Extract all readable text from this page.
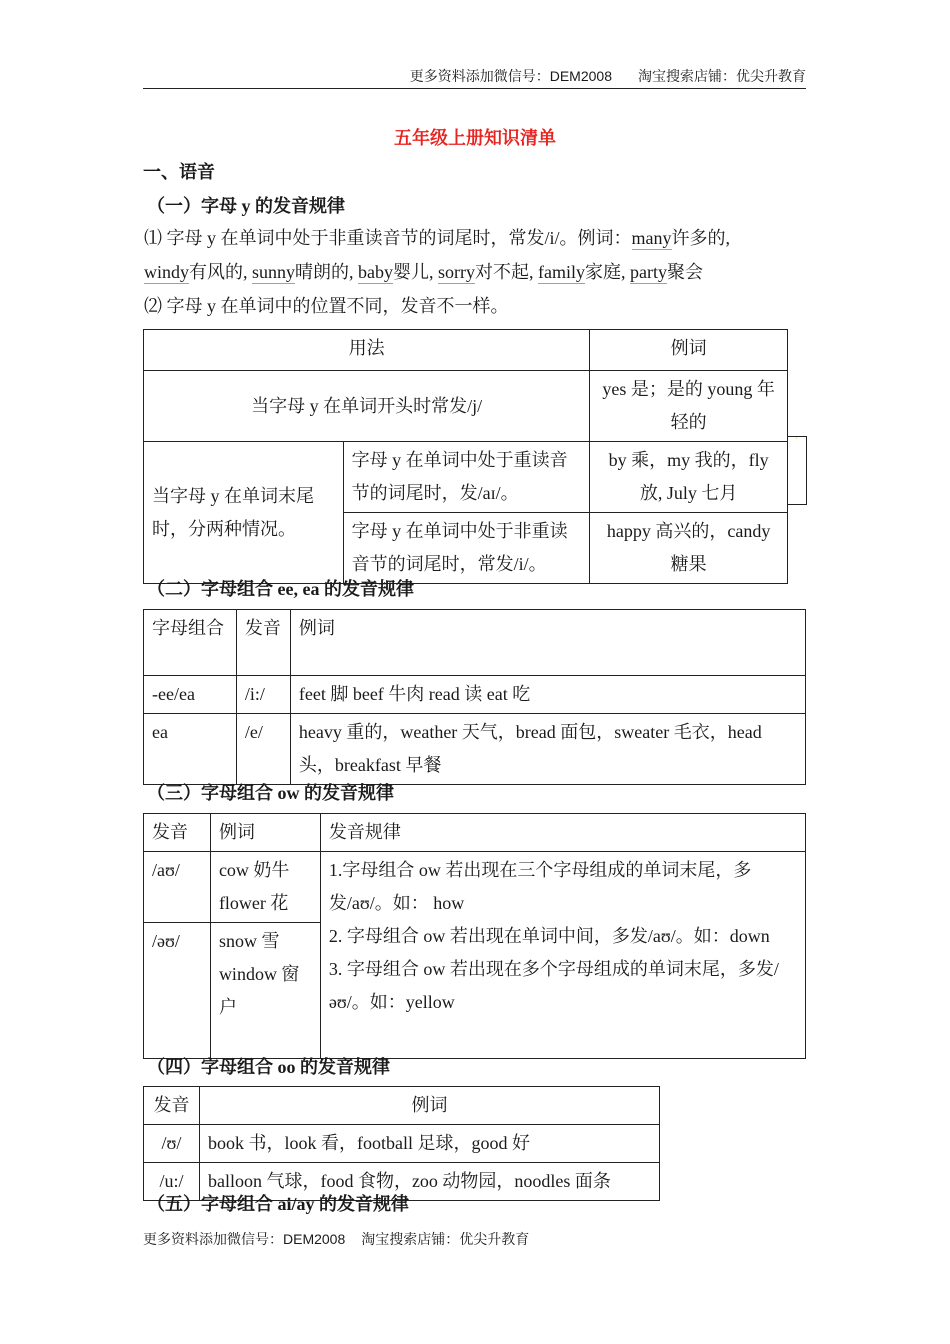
更多资料添加微信号：DEM2008 淘宝搜索店铺：优尖升教育
五年级上册知识清单
一、语音
（一）字母 y 的发音规律
⑴ 字母 y 在单词中处于非重读音节的词尾时，常发/i/。例词：many许多的,
windy有风的, sunny晴朗的, baby婴儿, sorry对不起, family家庭, party聚会
⑵ 字母 y 在单词中的位置不同，发音不一样。
用法		例词
当字母 y 在单词开头时常发/j/		yes 是；是的 young 年轻的
当字母 y 在单词末尾时，分两种情况。	字母 y 在单词中处于重读音节的词尾时，发/aɪ/。	by 乘，my 我的，fly 放, July 七月
	字母 y 在单词中处于非重读音节的词尾时，常发/i/。	happy 高兴的，candy 糖果
·
（二）字母组合 ee, ea 的发音规律
字母组合	发音	例词
-ee/ea	/i:/	feet 脚 beef 牛肉 read 读 eat 吃
ea	/e/	heavy 重的，weather 天气，bread 面包，sweater 毛衣，head 头，breakfast 早餐
（三）字母组合 ow 的发音规律
发音	例词	发音规律
/aʊ/	cow 奶牛 flower 花	1.字母组合 ow 若出现在三个字母组成的单词末尾，多发/aʊ/。如： how
2. 字母组合 ow 若出现在单词中间，多发/aʊ/。如：down
3. 字母组合 ow 若出现在多个字母组成的单词末尾，多发/əʊ/。如：yellow

/əʊ/	snow 雪 window 窗户	
（四）字母组合 oo 的发音规律
发音	例词
/ʊ/	book 书，look 看，football 足球，good 好
/u:/	balloon 气球，food 食物，zoo 动物园，noodles 面条
（五）字母组合 ai/ay 的发音规律
更多资料添加微信号：DEM2008 淘宝搜索店铺：优尖升教育
